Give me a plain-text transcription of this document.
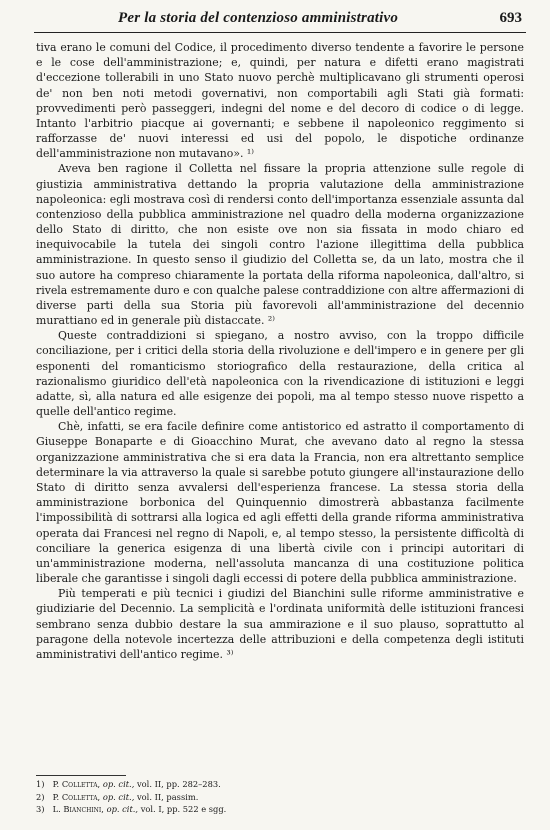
Per la storia del contenzioso amministrativo	693

tiva erano le comuni del Codice, il procedimento diverso tendente a favorire le persone e le cose dell'amministrazione; e, quindi, per natura e difetti erano magistrati d'eccezione tollerabili in uno Stato nuovo perchè multiplicavano gli strumenti operosi de' non ben noti metodi governativi, non comportabili agli Stati già formati: provvedimenti però passeggeri, indegni del nome e del decoro di codice o di legge. Intanto l'arbitrio piacque ai governanti; e sebbene il napoleonico reggimento si rafforzasse de' nuovi interessi ed usi del popolo, le dispotiche ordinanze dell'amministrazione non mutavano». ¹⁾

Aveva ben ragione il Colletta nel fissare la propria attenzione sulle regole di giustizia amministrativa dettando la propria valutazione della amministrazione napoleonica: egli mostrava così di rendersi conto dell'importanza essenziale assunta dal contenzioso della pubblica amministrazione nel quadro della moderna organizzazione dello Stato di diritto, che non esiste ove non sia fissata in modo chiaro ed inequivocabile la tutela dei singoli contro l'azione illegittima della pubblica amministrazione. In questo senso il giudizio del Colletta se, da un lato, mostra che il suo autore ha compreso chiaramente la portata della riforma napoleonica, dall'altro, si rivela estremamente duro e con qualche palese contraddizione con altre affermazioni di diverse parti della sua Storia più favorevoli all'amministrazione del decennio murattiano ed in generale più distaccate. ²⁾

Queste contraddizioni si spiegano, a nostro avviso, con la troppo difficile conciliazione, per i critici della storia della rivoluzione e dell'impero e in genere per gli esponenti del romanticismo storiografico della restaurazione, della critica al razionalismo giuridico dell'età napoleonica con la rivendicazione di istituzioni e leggi adatte, sì, alla natura ed alle esigenze dei popoli, ma al tempo stesso nuove rispetto a quelle dell'antico regime.

Chè, infatti, se era facile definire come antistorico ed astratto il comportamento di Giuseppe Bonaparte e di Gioacchino Murat, che avevano dato al regno la stessa organizzazione amministrativa che si era data la Francia, non era altrettanto semplice determinare la via attraverso la quale si sarebbe potuto giungere all'instaurazione dello Stato di diritto senza avvalersi dell'esperienza francese. La stessa storia della amministrazione borbonica del Quinquennio dimostrerà abbastanza facilmente l'impossibilità di sottrarsi alla logica ed agli effetti della grande riforma amministrativa operata dai Francesi nel regno di Napoli, e, al tempo stesso, la persistente difficoltà di conciliare la generica esigenza di una libertà civile con i principi autoritari di un'amministrazione moderna, nell'assoluta mancanza di una costituzione politica liberale che garantisse i singoli dagli eccessi di potere della pubblica amministrazione.

Più temperati e più tecnici i giudizi del Bianchini sulle riforme amministrative e giudiziarie del Decennio. La semplicità e l'ordinata uniformità delle istituzioni francesi sembrano senza dubbio destare la sua ammirazione e il suo plauso, soprattutto al paragone della notevole incertezza delle attribuzioni e della competenza degli istituti amministrativi dell'antico regime. ³⁾

1) P. Colletta, op. cit., vol. II, pp. 282–283.
2) P. Colletta, op. cit., vol. II, passim.
3) L. Bianchini, op. cit., vol. I, pp. 522 e sgg.
